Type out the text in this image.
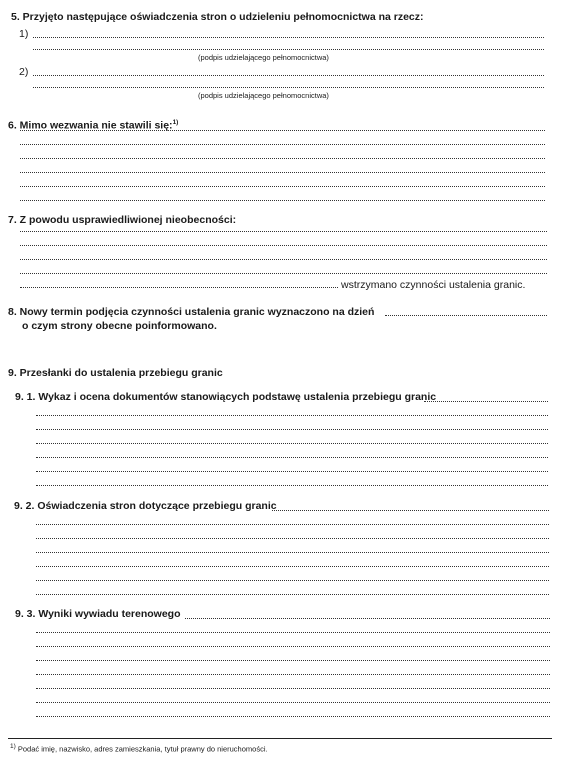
5. Przyjęto następujące oświadczenia stron o udzieleniu pełnomocnictwa na rzecz:
1)
(podpis udzielającego pełnomocnictwa)
2)
(podpis udzielającego pełnomocnictwa)
6. Mimo wezwania nie stawili się:$^{1)}$
7. Z powodu usprawiedliwionej nieobecności:
wstrzymano czynności ustalenia granic.
8. Nowy termin podjęcia czynności ustalenia granic wyznaczono na dzień
o czym strony obecne poinformowano.
9. Przesłanki do ustalenia przebiegu granic
9. 1. Wykaz i ocena dokumentów stanowiących podstawę ustalenia przebiegu granic
9. 2. Oświadczenia stron dotyczące przebiegu granic
9. 3. Wyniki wywiadu terenowego
1) Podać imię, nazwisko, adres zamieszkania, tytuł prawny do nieruchomości.
